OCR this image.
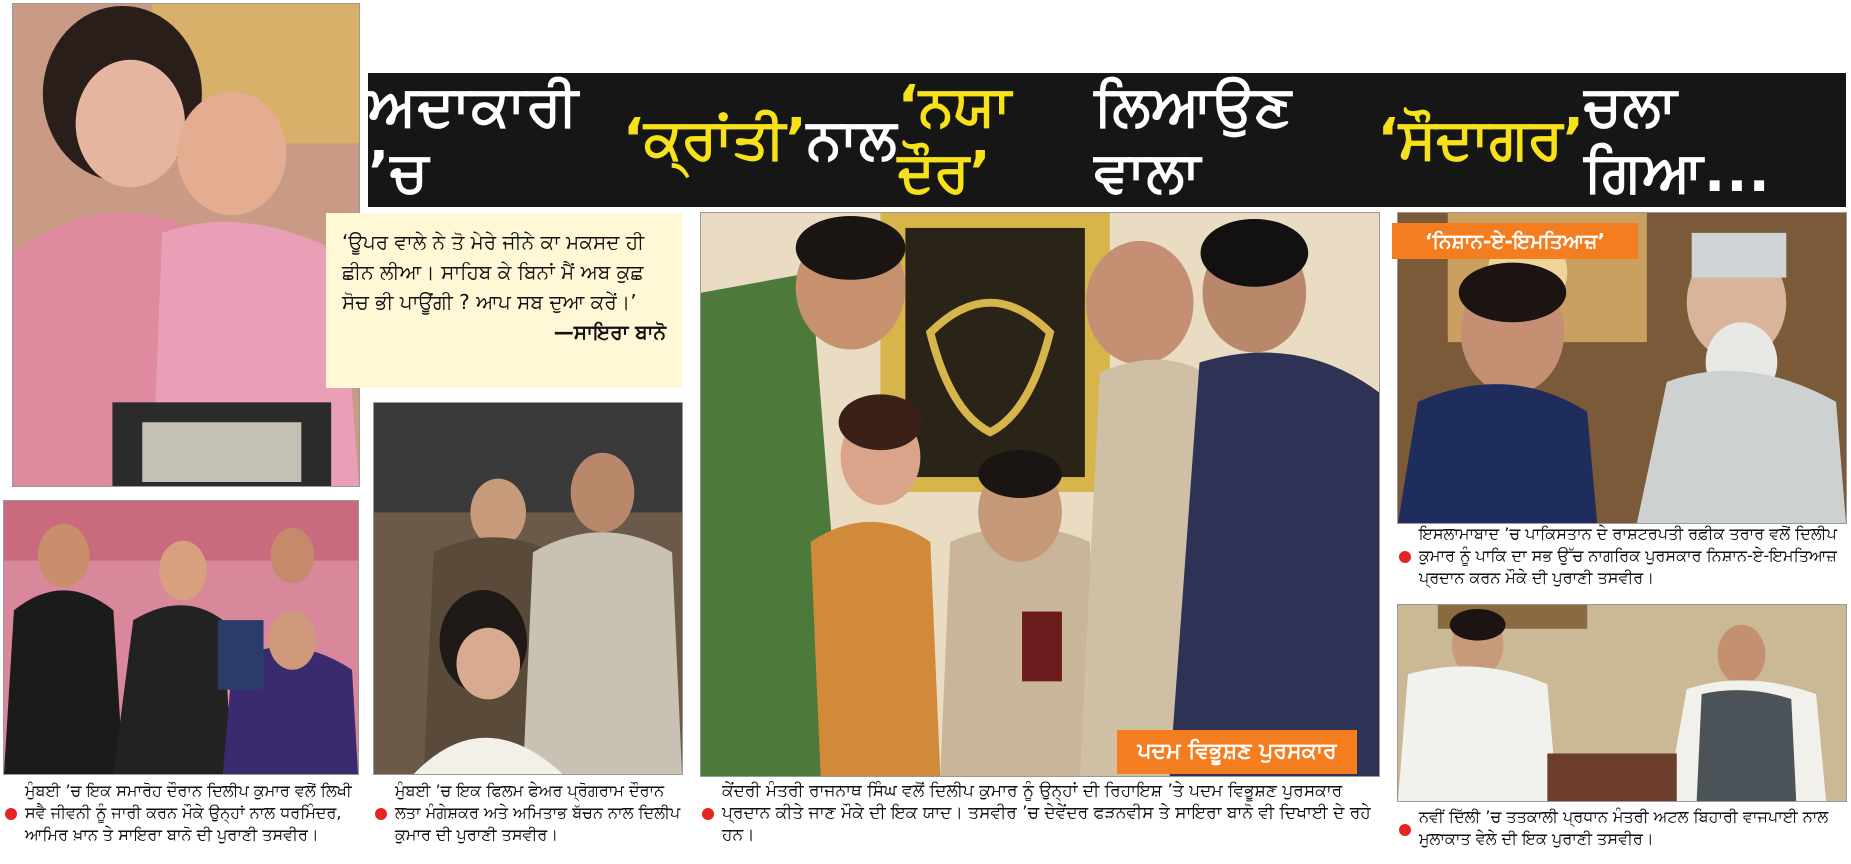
ਅਦਾਕਾਰੀ ’ਚ
‘ਕ੍ਰਾਂਤੀ’ ਨਾਲ
‘ਨਯਾ ਦੌਰ’
ਲਿਆਉਣ ਵਾਲਾ
‘ਸੌਦਾਗਰ’
ਚਲਾ ਗਿਆ...
‘ਊਪਰ ਵਾਲੇ ਨੇ ਤੋ ਮੇਰੇ ਜੀਨੇ ਕਾ ਮਕਸਦ ਹੀ ਛੀਨ ਲੀਆ। ਸਾਹਿਬ ਕੇ ਬਿਨਾਂ ਮੈਂ ਅਬ ਕੁਛ ਸੋਚ ਭੀ ਪਾਊਂਗੀ ? ਆਪ ਸਬ ਦੁਆ ਕਰੇਂ।’
—ਸਾਇਰਾ ਬਾਨੋ
ਮੁੰਬਈ ’ਚ ਇਕ ਸਮਾਰੋਹ ਦੌਰਾਨ ਦਿਲੀਪ ਕੁਮਾਰ ਵਲੋਂ ਲਿਖੀ ਸਵੈ ਜੀਵਨੀ ਨੂੰ ਜਾਰੀ ਕਰਨ ਮੌਕੇ ਉਨ੍ਹਾਂ ਨਾਲ ਧਰਮਿੰਦਰ, ਆਮਿਰ ਖ਼ਾਨ ਤੇ ਸਾਇਰਾ ਬਾਨੋ ਦੀ ਪੁਰਾਣੀ ਤਸਵੀਰ।
ਮੁੰਬਈ ’ਚ ਇਕ ਫਿਲਮ ਫੇਅਰ ਪ੍ਰੋਗਰਾਮ ਦੌਰਾਨ ਲਤਾ ਮੰਗੇਸ਼ਕਰ ਅਤੇ ਅਮਿਤਾਭ ਬੱਚਨ ਨਾਲ ਦਿਲੀਪ ਕੁਮਾਰ ਦੀ ਪੁਰਾਣੀ ਤਸਵੀਰ।
ਪਦਮ ਵਿਭੂਸ਼ਣ ਪੁਰਸਕਾਰ
ਕੇਂਦਰੀ ਮੰਤਰੀ ਰਾਜਨਾਥ ਸਿੰਘ ਵਲੋਂ ਦਿਲੀਪ ਕੁਮਾਰ ਨੂੰ ਉਨ੍ਹਾਂ ਦੀ ਰਿਹਾਇਸ਼ ’ਤੇ ਪਦਮ ਵਿਭੂਸ਼ਣ ਪੁਰਸਕਾਰ ਪ੍ਰਦਾਨ ਕੀਤੇ ਜਾਣ ਮੌਕੇ ਦੀ ਇਕ ਯਾਦ। ਤਸਵੀਰ ’ਚ ਦੇਵੇਂਦਰ ਫੜਨਵੀਸ ਤੇ ਸਾਇਰਾ ਬਾਨੋ ਵੀ ਦਿਖਾਈ ਦੇ ਰਹੇ ਹਨ।
‘ਨਿਸ਼ਾਨ-ਏ-ਇਮਤਿਆਜ਼’
ਇਸਲਾਮਾਬਾਦ ’ਚ ਪਾਕਿਸਤਾਨ ਦੇ ਰਾਸ਼ਟਰਪਤੀ ਰਫ਼ੀਕ ਤਰਾਰ ਵਲੋਂ ਦਿਲੀਪ ਕੁਮਾਰ ਨੂੰ ਪਾਕਿ ਦਾ ਸਭ ਉੱਚ ਨਾਗਰਿਕ ਪੁਰਸਕਾਰ ਨਿਸ਼ਾਨ-ਏ-ਇਮਤਿਆਜ਼ ਪ੍ਰਦਾਨ ਕਰਨ ਮੌਕੇ ਦੀ ਪੁਰਾਣੀ ਤਸਵੀਰ।
ਨਵੀਂ ਦਿੱਲੀ ’ਚ ਤਤਕਾਲੀ ਪ੍ਰਧਾਨ ਮੰਤਰੀ ਅਟਲ ਬਿਹਾਰੀ ਵਾਜਪਾਈ ਨਾਲ ਮੁਲਾਕਾਤ ਵੇਲੇ ਦੀ ਇਕ ਪੁਰਾਣੀ ਤਸਵੀਰ।
